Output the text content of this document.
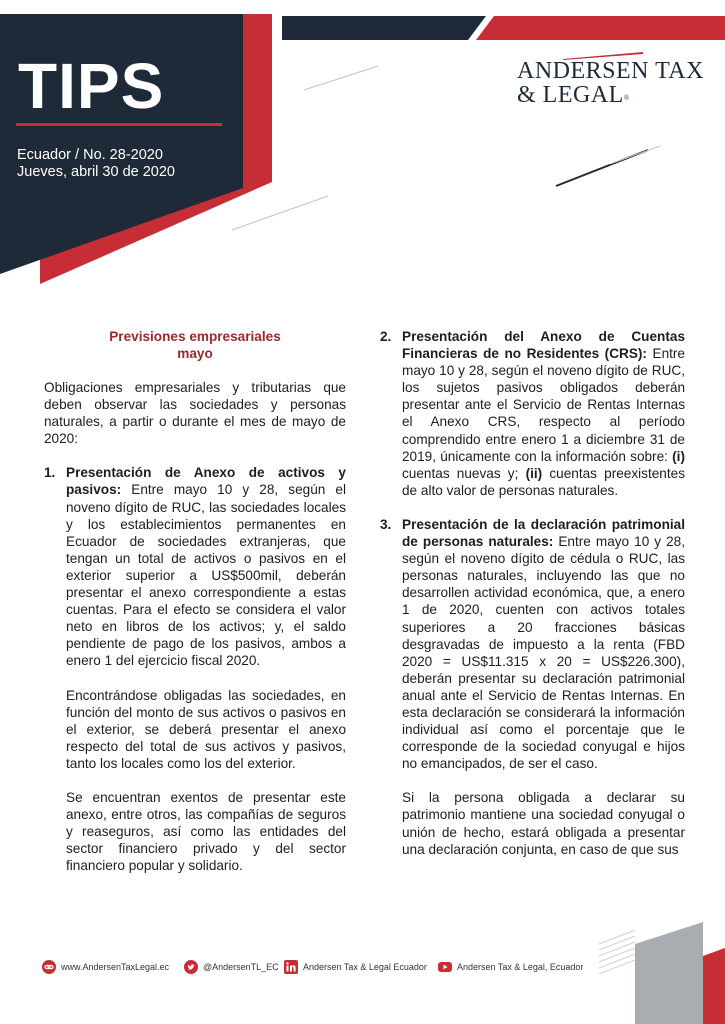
TIPS
Ecuador / No. 28-2020
Jueves, abril 30 de 2020
ANDERSEN TAX
& LEGAL®
Previsiones empresariales
mayo
Obligaciones empresariales y tributarias que deben observar las sociedades y personas naturales, a partir o durante el mes de mayo de 2020:
1. Presentación de Anexo de activos y pasivos: Entre mayo 10 y 28, según el noveno dígito de RUC, las sociedades locales y los establecimientos permanentes en Ecuador de sociedades extranjeras, que tengan un total de activos o pasivos en el exterior superior a US$500mil, deberán presentar el anexo correspondiente a estas cuentas. Para el efecto se considera el valor neto en libros de los activos; y, el saldo pendiente de pago de los pasivos, ambos a enero 1 del ejercicio fiscal 2020.
Encontrándose obligadas las sociedades, en función del monto de sus activos o pasivos en el exterior, se deberá presentar el anexo respecto del total de sus activos y pasivos, tanto los locales como los del exterior.
Se encuentran exentos de presentar este anexo, entre otros, las compañías de seguros y reaseguros, así como las entidades del sector financiero privado y del sector financiero popular y solidario.
2. Presentación del Anexo de Cuentas Financieras de no Residentes (CRS): Entre mayo 10 y 28, según el noveno dígito de RUC, los sujetos pasivos obligados deberán presentar ante el Servicio de Rentas Internas el Anexo CRS, respecto al período comprendido entre enero 1 a diciembre 31 de 2019, únicamente con la información sobre: (i) cuentas nuevas y; (ii) cuentas preexistentes de alto valor de personas naturales.
3. Presentación de la declaración patrimonial de personas naturales: Entre mayo 10 y 28, según el noveno dígito de cédula o RUC, las personas naturales, incluyendo las que no desarrollen actividad económica, que, a enero 1 de 2020, cuenten con activos totales superiores a 20 fracciones básicas desgravadas de impuesto a la renta (FBD 2020 = US$11.315 x 20 = US$226.300), deberán presentar su declaración patrimonial anual ante el Servicio de Rentas Internas. En esta declaración se considerará la información individual así como el porcentaje que le corresponde de la sociedad conyugal e hijos no emancipados, de ser el caso.
Si la persona obligada a declarar su patrimonio mantiene una sociedad conyugal o unión de hecho, estará obligada a presentar una declaración conjunta, en caso de que sus
www.AndersenTaxLegal.ec	@AndersenTL_EC	Andersen Tax & Legal Ecuador	Andersen Tax & Legal, Ecuador
